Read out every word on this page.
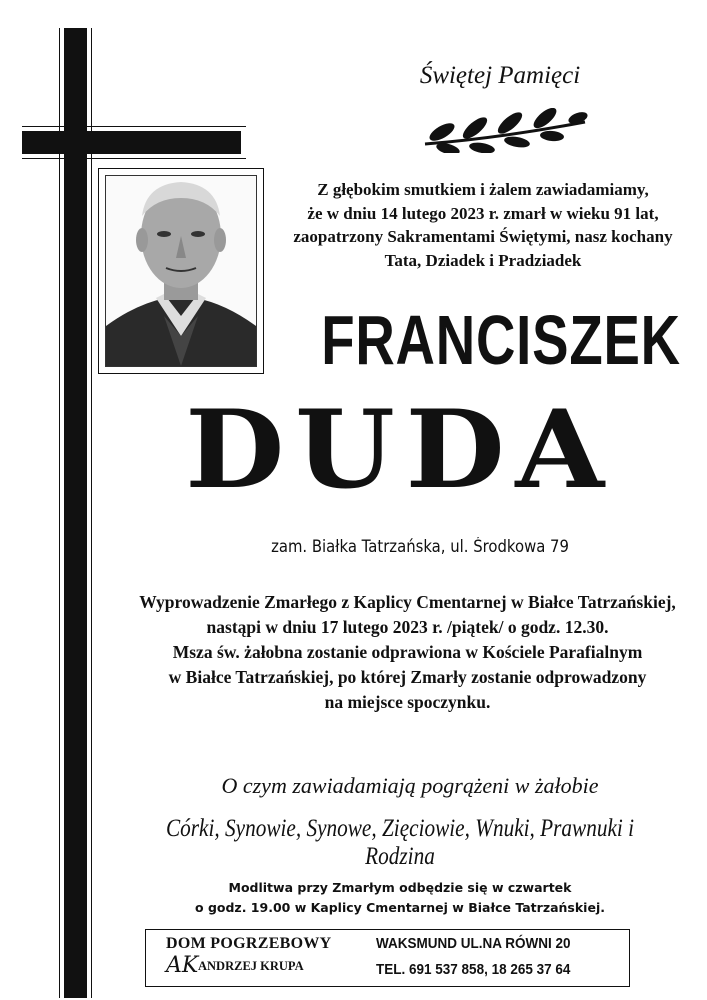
Świętej Pamięci
Z głębokim smutkiem i żalem zawiadamiamy,
że w dniu 14 lutego 2023 r. zmarł w wieku 91 lat,
zaopatrzony Sakramentami Świętymi, nasz kochany
Tata, Dziadek i Pradziadek
FRANCISZEK
DUDA
zam. Białka Tatrzańska, ul. Środkowa 79
Wyprowadzenie Zmarłego z Kaplicy Cmentarnej w Białce Tatrzańskiej,
nastąpi w dniu 17 lutego 2023 r. /piątek/ o godz. 12.30.
Msza św. żałobna zostanie odprawiona w Kościele Parafialnym
w Białce Tatrzańskiej, po której Zmarły zostanie odprowadzony
na miejsce spoczynku.
O czym zawiadamiają pogrążeni w żałobie
Córki, Synowie, Synowe, Zięciowie, Wnuki, Prawnuki i Rodzina
Modlitwa przy Zmarłym odbędzie się w czwartek
o godz. 19.00 w Kaplicy Cmentarnej w Białce Tatrzańskiej.
DOM POGRZEBOWY
AK ANDRZEJ KRUPA
WAKSMUND UL.NA RÓWNI 20
TEL. 691 537 858, 18 265 37 64
